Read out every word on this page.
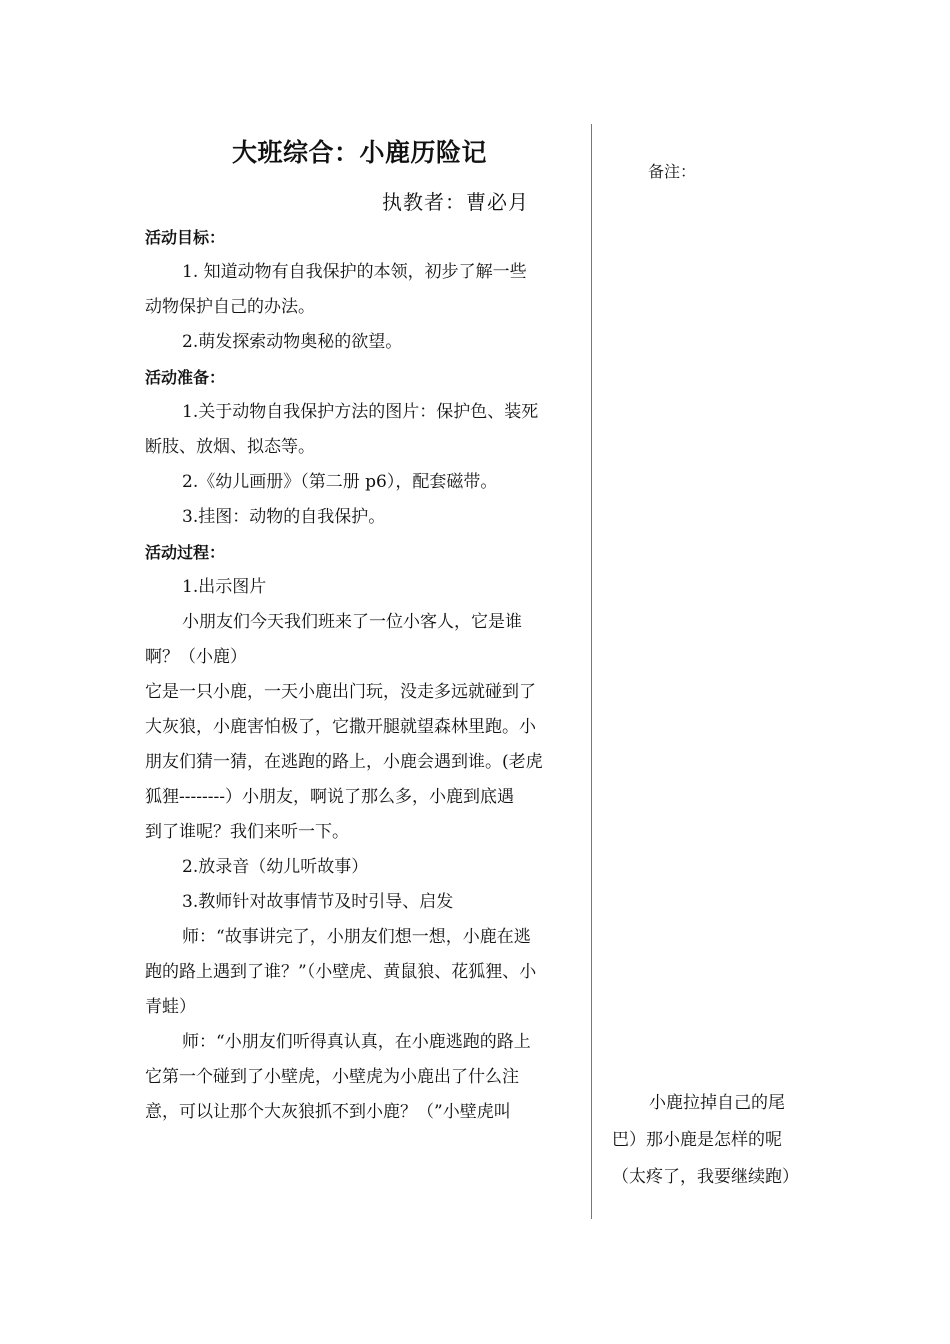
大班综合：小鹿历险记
执教者：曹必月
活动目标：
1. 知道动物有自我保护的本领，初步了解一些
动物保护自己的办法。
2.萌发探索动物奥秘的欲望。
活动准备：
1.关于动物自我保护方法的图片：保护色、装死
断肢、放烟、拟态等。
2.《幼儿画册》（第二册 p6），配套磁带。
3.挂图：动物的自我保护。
活动过程：
1.出示图片
小朋友们今天我们班来了一位小客人，它是谁
啊？（小鹿）
它是一只小鹿，一天小鹿出门玩，没走多远就碰到了
大灰狼，小鹿害怕极了，它撒开腿就望森林里跑。小
朋友们猜一猜，在逃跑的路上，小鹿会遇到谁。(老虎
狐狸--------）小朋友，啊说了那么多，小鹿到底遇
到了谁呢？我们来听一下。
2.放录音（幼儿听故事）
3.教师针对故事情节及时引导、启发
师：“故事讲完了，小朋友们想一想，小鹿在逃
跑的路上遇到了谁？”（小壁虎、黄鼠狼、花狐狸、小
青蛙）
师：“小朋友们听得真认真，在小鹿逃跑的路上
它第一个碰到了小壁虎，小壁虎为小鹿出了什么注
意，可以让那个大灰狼抓不到小鹿？（”小壁虎叫
备注：
小鹿拉掉自己的尾
巴）那小鹿是怎样的呢
（太疼了，我要继续跑）
